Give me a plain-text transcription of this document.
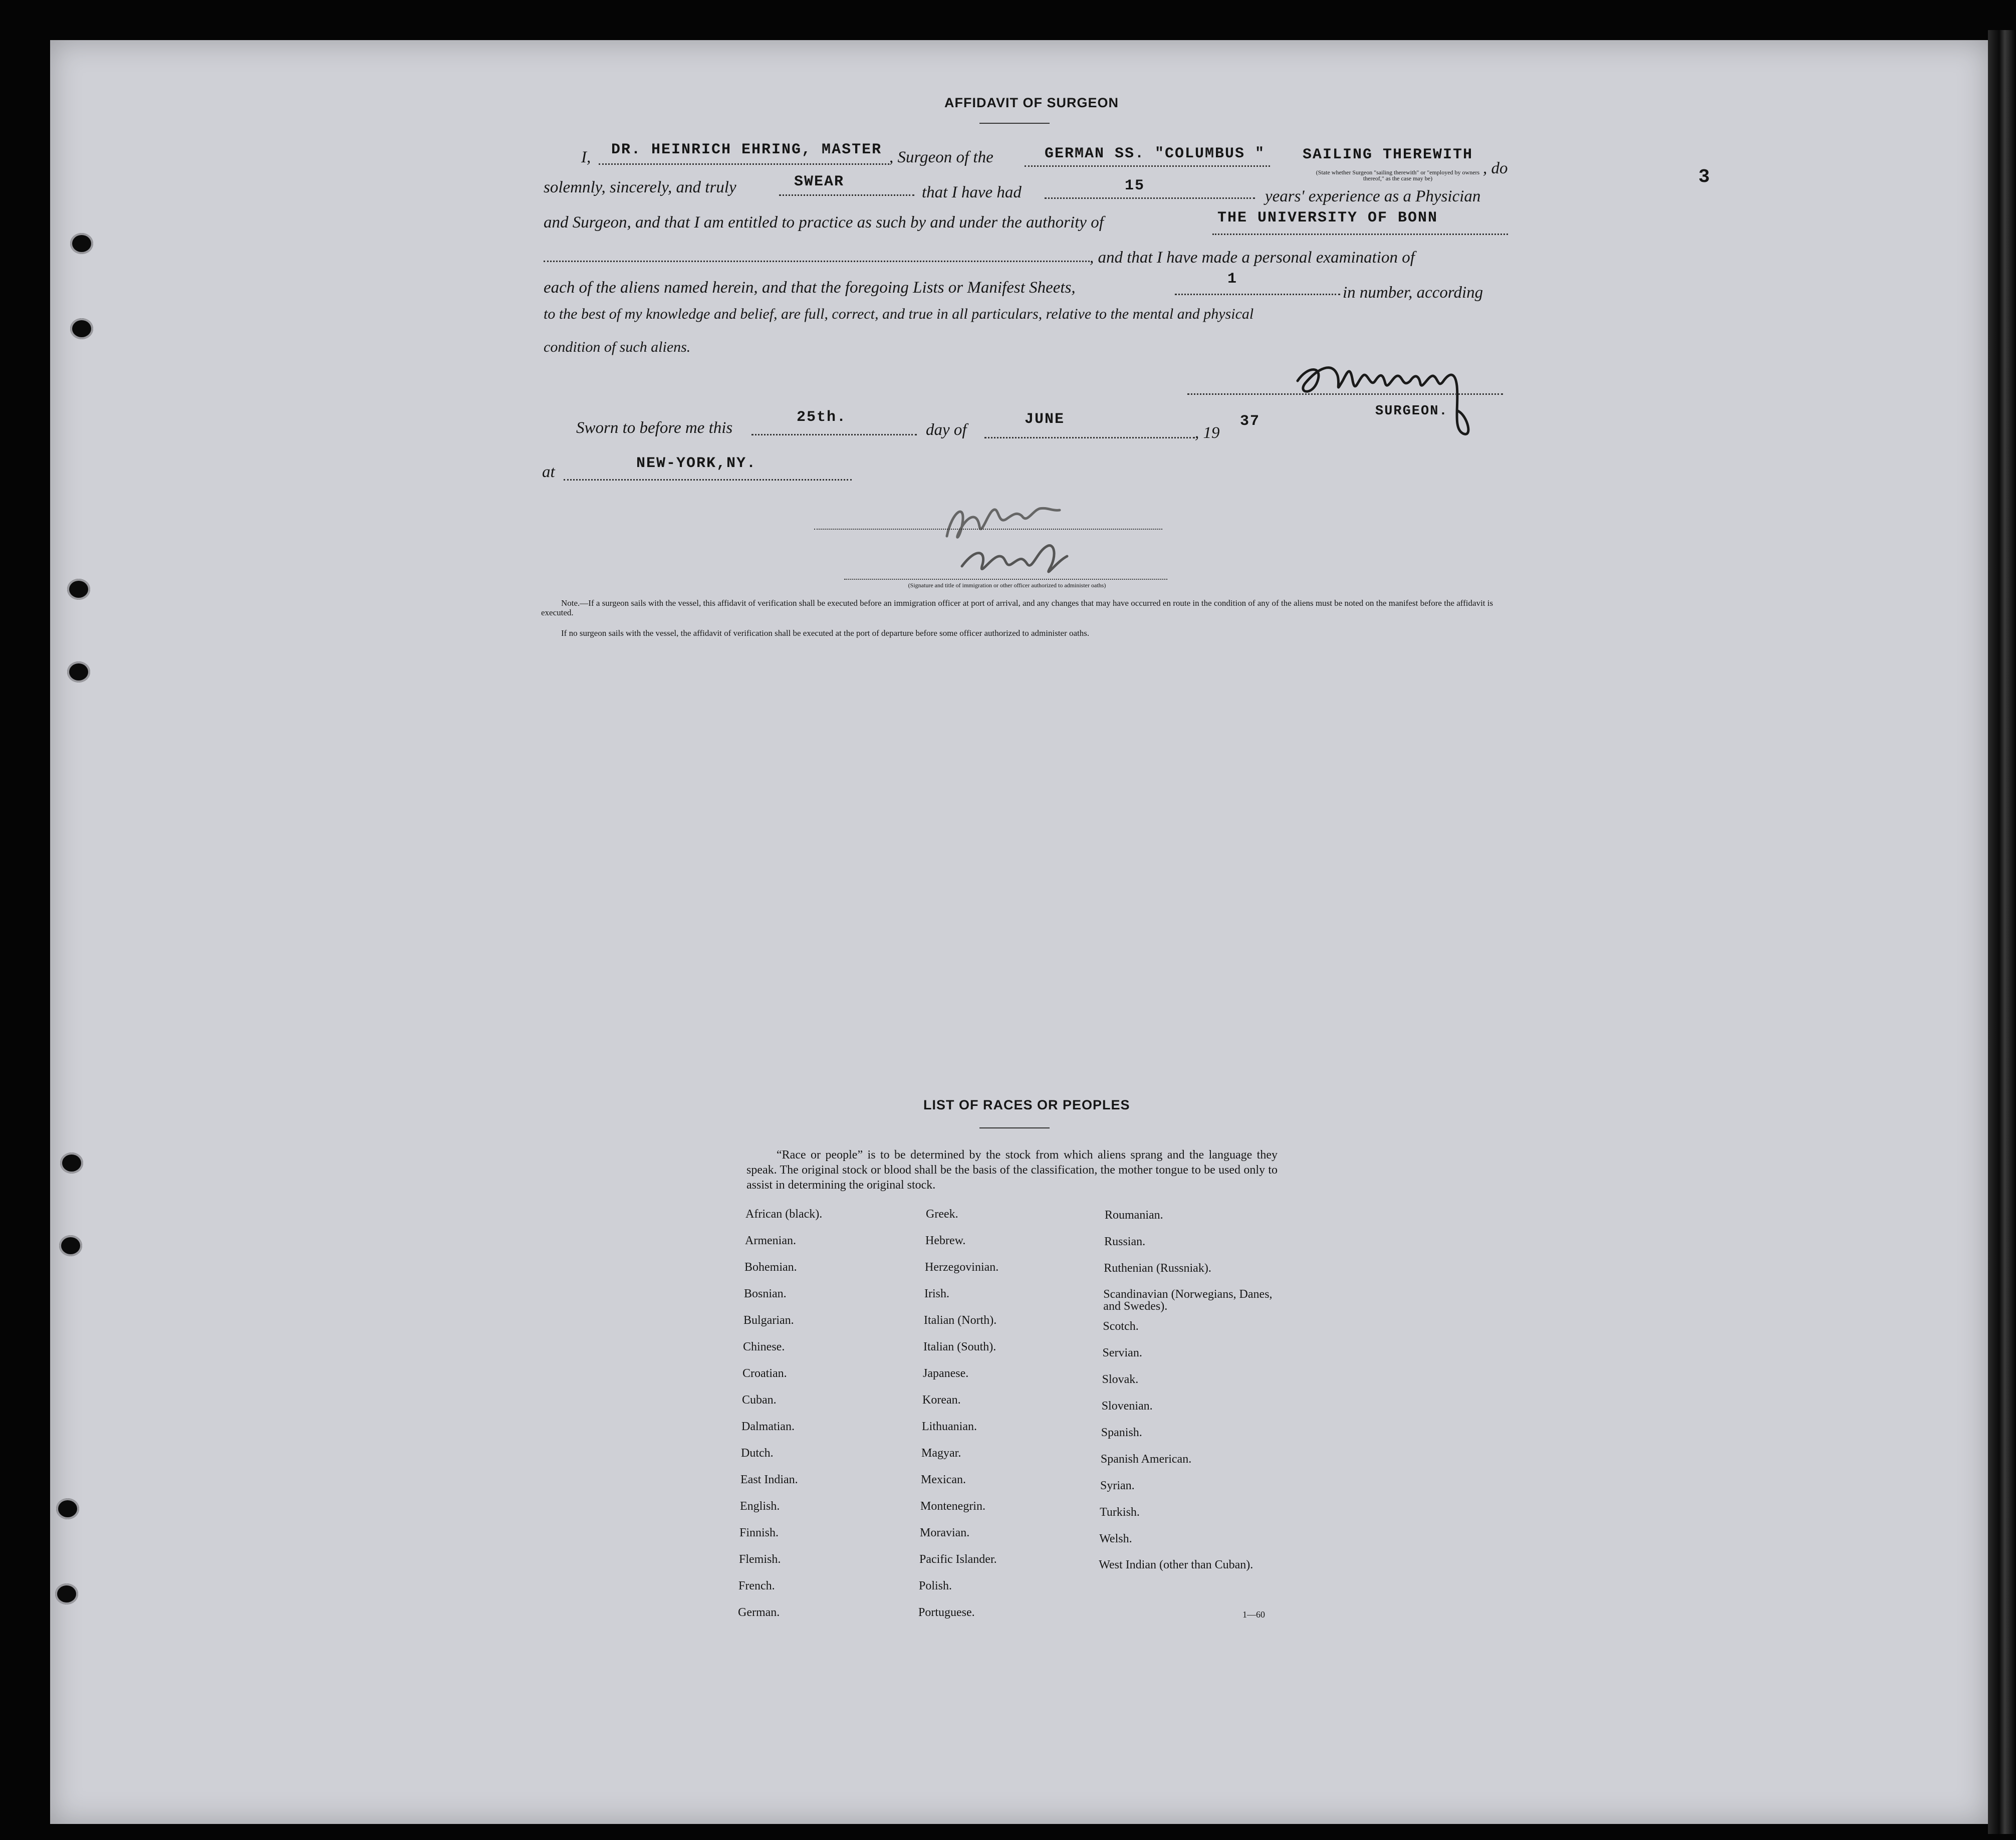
3
AFFIDAVIT OF SURGEON
I, DR. HEINRICH EHRING, MASTER , Surgeon of the	GERMAN SS. "COLUMBUS " SAILING THEREWITH
(State whether Surgeon "sailing therewith" or "employed by owners thereof," as the case may be)
, do
solemnly, sincerely, and truly	SWEAR
that I have had	15
years' experience as a Physician
and Surgeon, and that I am entitled to practice as such by and under the authority of	THE UNIVERSITY OF BONN
, and that I have made a personal examination of
each of the aliens named herein, and that the foregoing Lists or Manifest Sheets,	1
in number, according
to the best of my knowledge and belief, are full, correct, and true in all particulars, relative to the mental and physical
condition of such aliens.
SURGEON.
Sworn to before me this
25th.
day of
JUNE
, 19
37
at	NEW-YORK,NY.
(Signature and title of immigration or other officer authorized to administer oaths)
Note.—If a surgeon sails with the vessel, this affidavit of verification shall be executed before an immigration officer at port of arrival, and any changes that may have occurred en route in the condition of any of the aliens must be noted on the manifest before the affidavit is executed.
If no surgeon sails with the vessel, the affidavit of verification shall be executed at the port of departure before some officer authorized to administer oaths.
LIST OF RACES OR PEOPLES
“Race or people” is to be determined by the stock from which aliens sprang and the language they speak. The original stock or blood shall be the basis of the classification, the mother tongue to be used only to assist in determining the original stock.
African (black).
Armenian.
Bohemian.
Bosnian.
Bulgarian.
Chinese.
Croatian.
Cuban.
Dalmatian.
Dutch.
East Indian.
English.
Finnish.
Flemish.
French.
German.
Greek.
Hebrew.
Herzegovinian.
Irish.
Italian (North).
Italian (South).
Japanese.
Korean.
Lithuanian.
Magyar.
Mexican.
Montenegrin.
Moravian.
Pacific Islander.
Polish.
Portuguese.
Roumanian.
Russian.
Ruthenian (Russniak).
Scandinavian (Norwegians, Danes, and Swedes).
Scotch.
Servian.
Slovak.
Slovenian.
Spanish.
Spanish American.
Syrian.
Turkish.
Welsh.
West Indian (other than Cuban).
1—60
